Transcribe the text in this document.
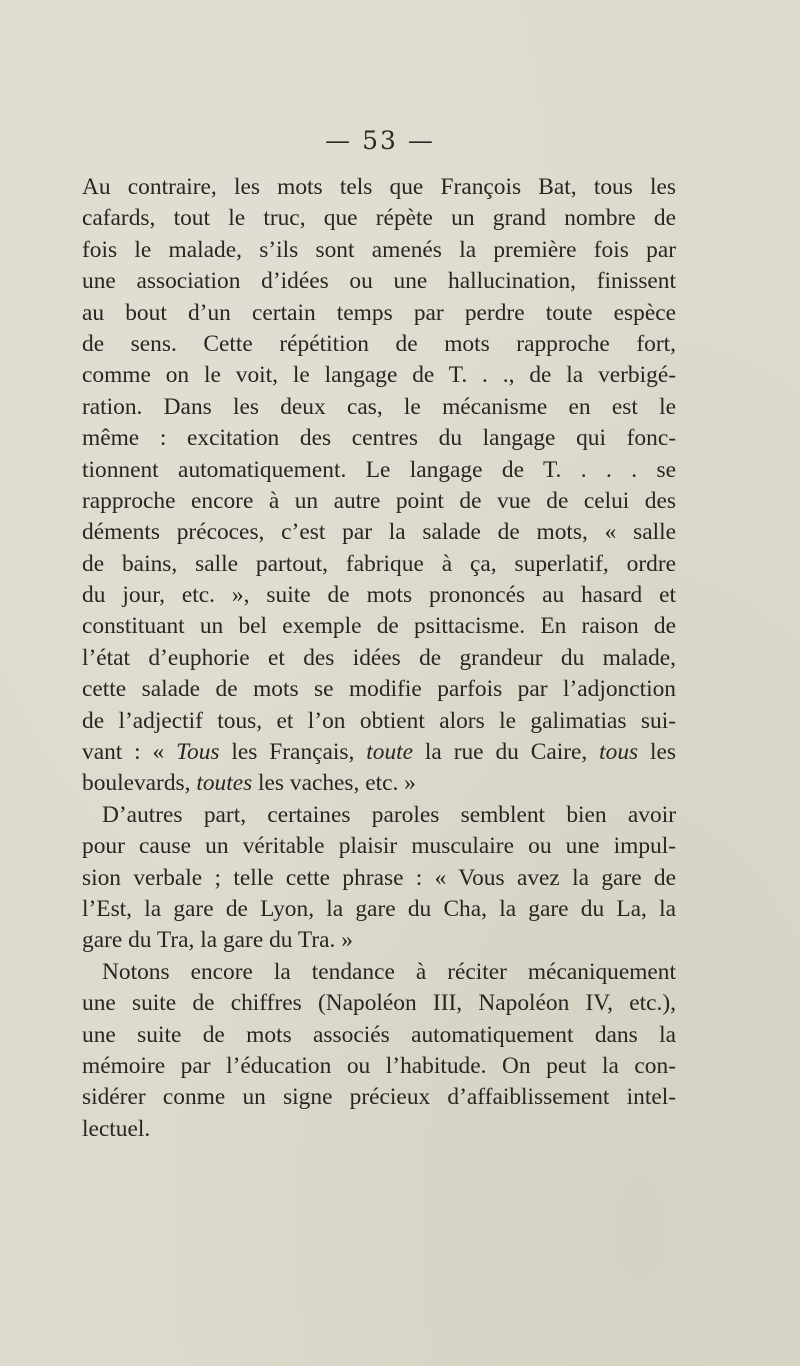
— 53 —
Au contraire, les mots tels que François Bat, tous les
cafards, tout le truc, que répète un grand nombre de
fois le malade, s’ils sont amenés la première fois par
une association d’idées ou une hallucination, finissent
au bout d’un certain temps par perdre toute espèce
de sens. Cette répétition de mots rapproche fort,
comme on le voit, le langage de T. . ., de la verbigé-
ration. Dans les deux cas, le mécanisme en est le
même : excitation des centres du langage qui fonc-
tionnent automatiquement. Le langage de T. . . . se
rapproche encore à un autre point de vue de celui des
déments précoces, c’est par la salade de mots, « salle
de bains, salle partout, fabrique à ça, superlatif, ordre
du jour, etc. », suite de mots prononcés au hasard et
constituant un bel exemple de psittacisme. En raison de
l’état d’euphorie et des idées de grandeur du malade,
cette salade de mots se modifie parfois par l’adjonction
de l’adjectif tous, et l’on obtient alors le galimatias sui-
vant : « Tous les Français, toute la rue du Caire, tous les
boulevards, toutes les vaches, etc. »
D’autres part, certaines paroles semblent bien avoir
pour cause un véritable plaisir musculaire ou une impul-
sion verbale ; telle cette phrase : « Vous avez la gare de
l’Est, la gare de Lyon, la gare du Cha, la gare du La, la
gare du Tra, la gare du Tra. »
Notons encore la tendance à réciter mécaniquement
une suite de chiffres (Napoléon III, Napoléon IV, etc.),
une suite de mots associés automatiquement dans la
mémoire par l’éducation ou l’habitude. On peut la con-
sidérer conme un signe précieux d’affaiblissement intel-
lectuel.
